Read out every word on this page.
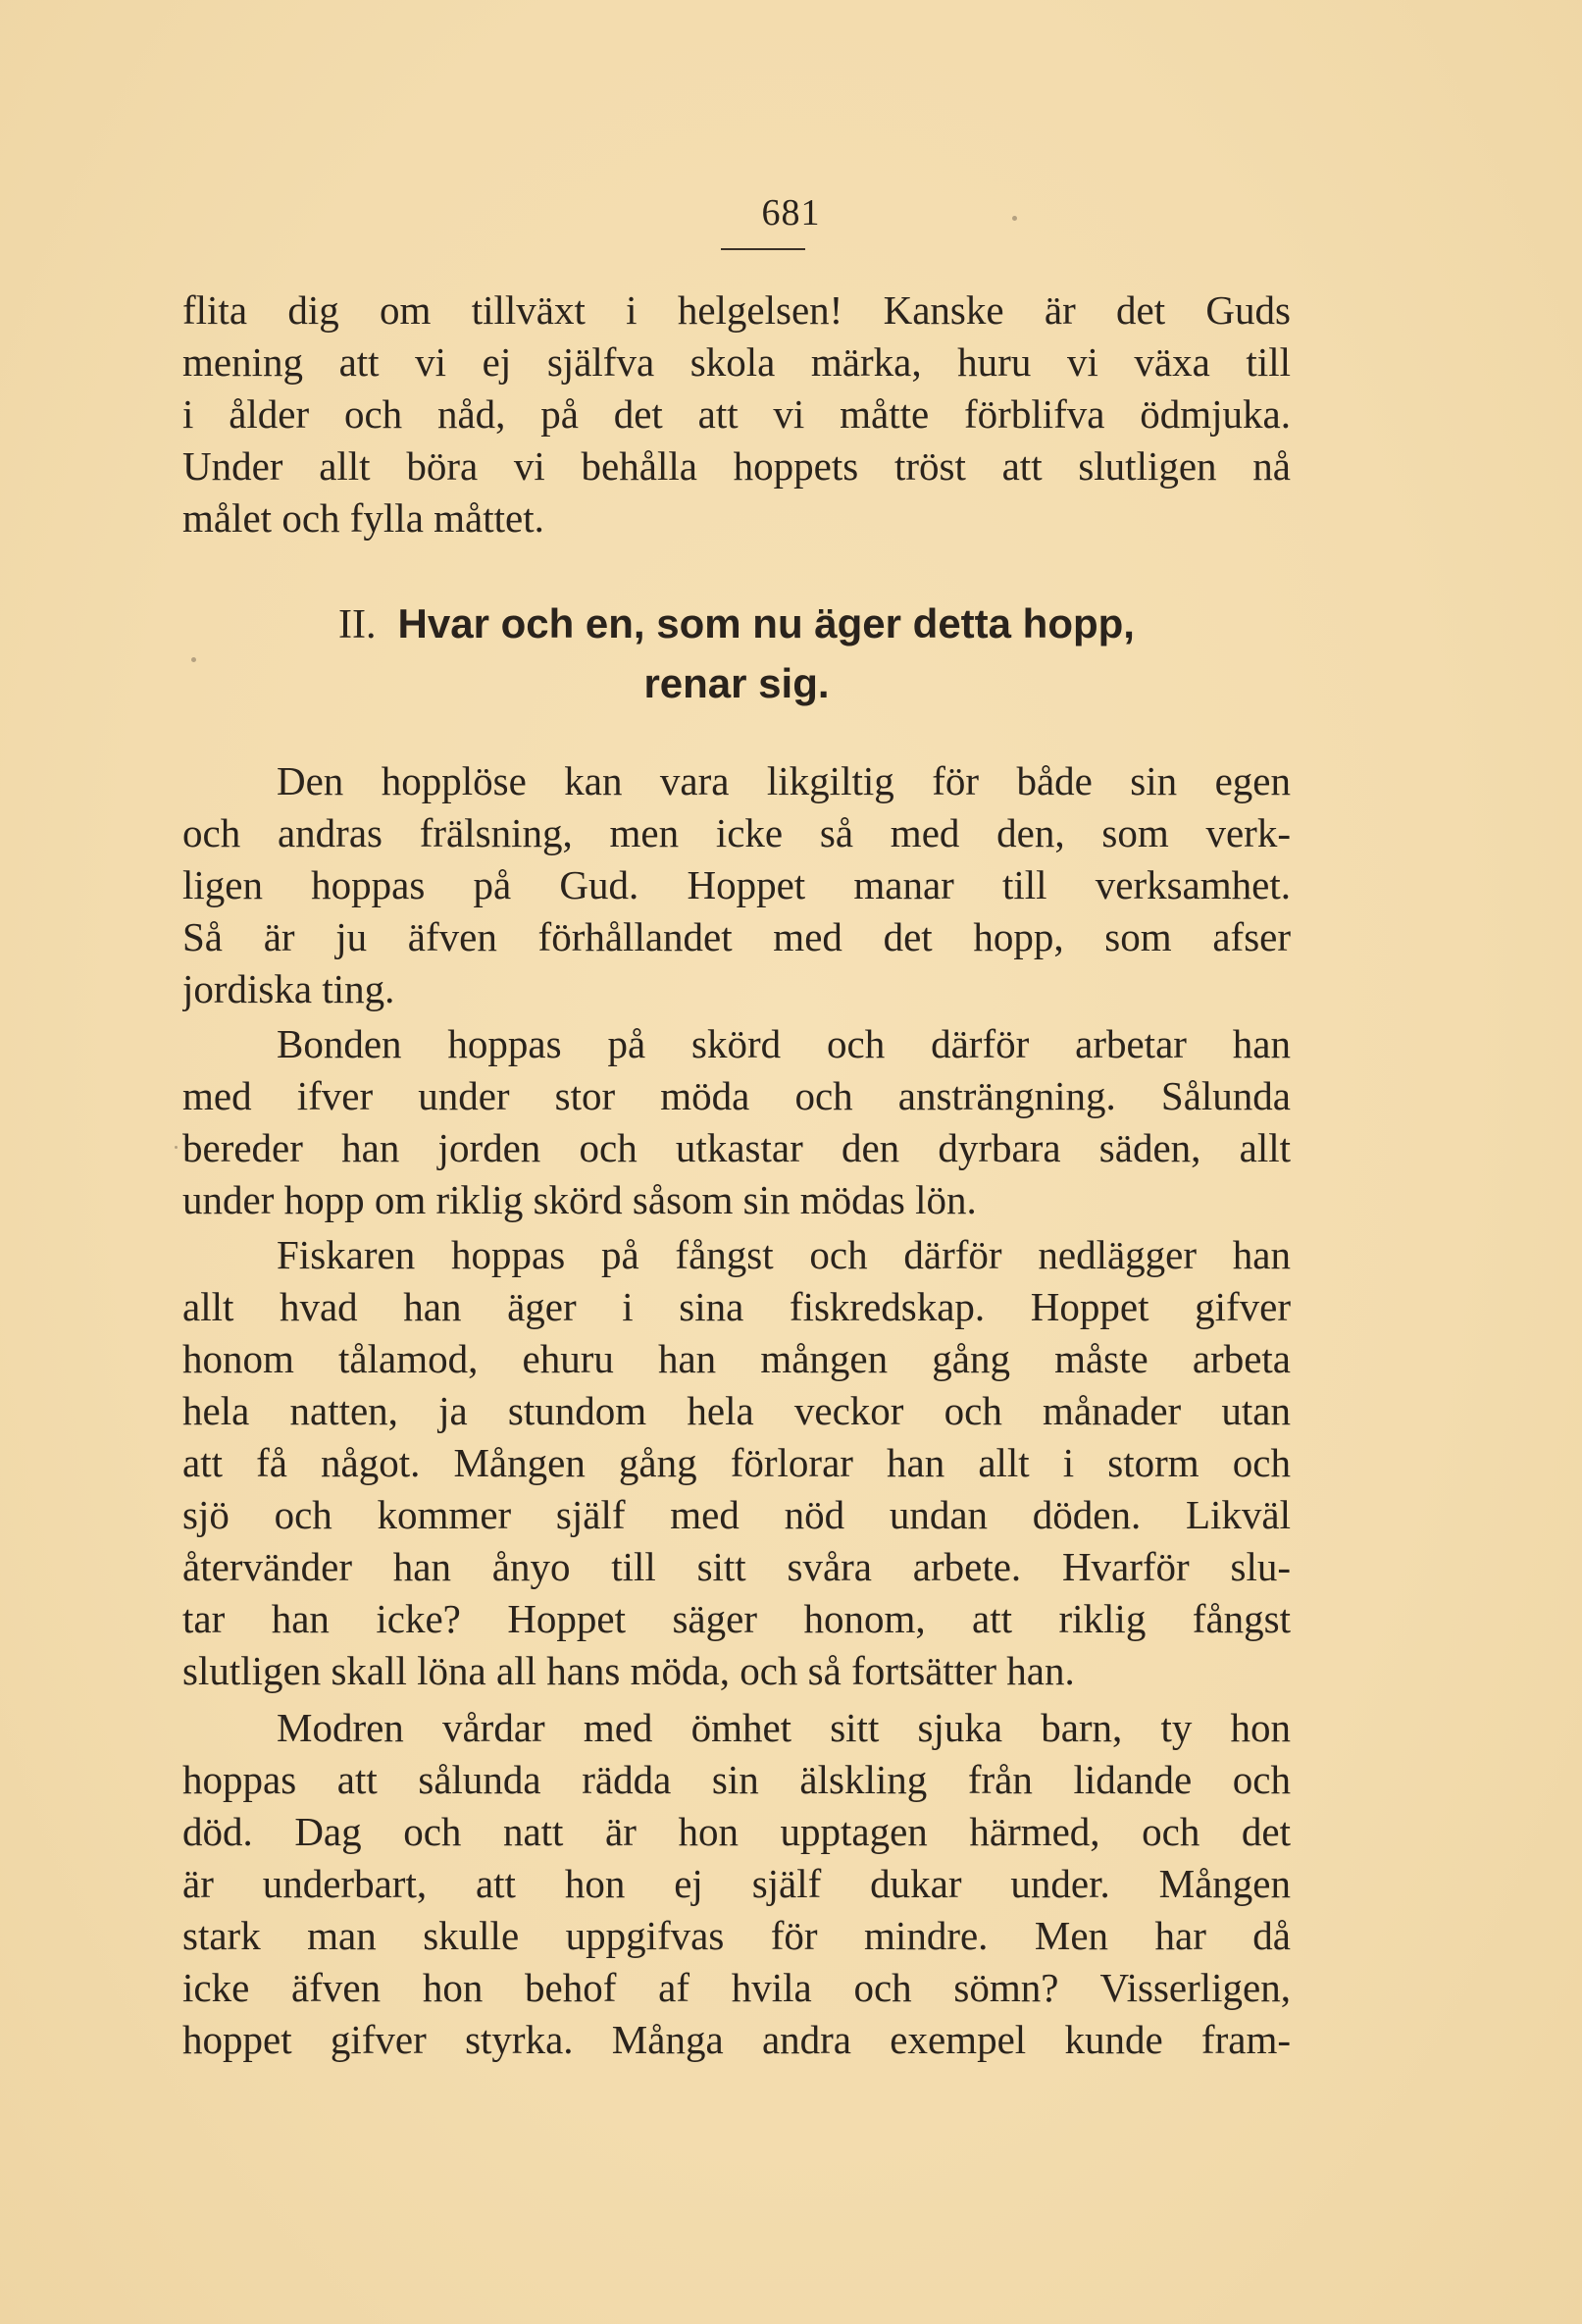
681
flita dig om tillväxt i helgelsen! Kanske är det Guds
mening att vi ej själfva skola märka, huru vi växa till
i ålder och nåd, på det att vi måtte förblifva ödmjuka.
Under allt böra vi behålla hoppets tröst att slutligen nå
målet och fylla måttet.
II. Hvar och en, som nu äger detta hopp,
renar sig.
Den hopplöse kan vara likgiltig för både sin egen
och andras frälsning, men icke så med den, som verk-
ligen hoppas på Gud. Hoppet manar till verksamhet.
Så är ju äfven förhållandet med det hopp, som afser
jordiska ting.
Bonden hoppas på skörd och därför arbetar han
med ifver under stor möda och ansträngning. Sålunda
bereder han jorden och utkastar den dyrbara säden, allt
under hopp om riklig skörd såsom sin mödas lön.
Fiskaren hoppas på fångst och därför nedlägger han
allt hvad han äger i sina fiskredskap. Hoppet gifver
honom tålamod, ehuru han mången gång måste arbeta
hela natten, ja stundom hela veckor och månader utan
att få något. Mången gång förlorar han allt i storm och
sjö och kommer själf med nöd undan döden. Likväl
återvänder han ånyo till sitt svåra arbete. Hvarför slu-
tar han icke? Hoppet säger honom, att riklig fångst
slutligen skall löna all hans möda, och så fortsätter han.
Modren vårdar med ömhet sitt sjuka barn, ty hon
hoppas att sålunda rädda sin älskling från lidande och
död. Dag och natt är hon upptagen härmed, och det
är underbart, att hon ej själf dukar under. Mången
stark man skulle uppgifvas för mindre. Men har då
icke äfven hon behof af hvila och sömn? Visserligen,
hoppet gifver styrka. Många andra exempel kunde fram-
